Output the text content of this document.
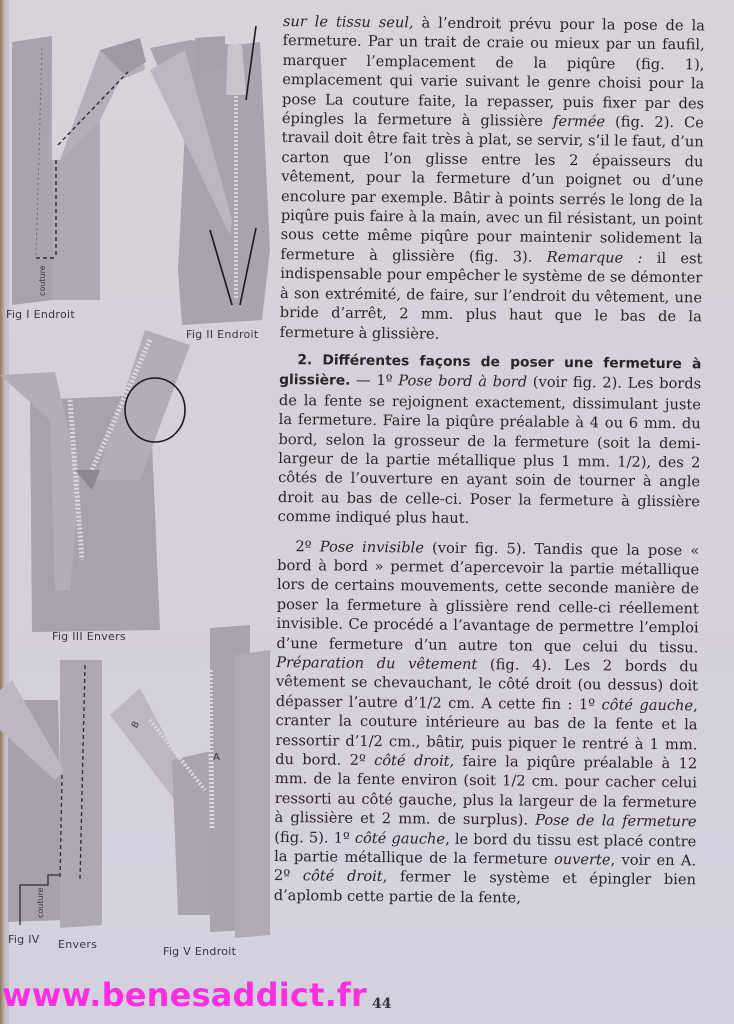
Fig I Endroit
couture
Fig II Endroit
Fig III Envers
Fig IV Envers
couture
Fig V Endroit
A
B

sur le tissu seul, à l’endroit prévu pour la pose de la fermeture. Par un trait de craie ou mieux par un faufil, marquer l’emplacement de la piqûre (fig. 1), emplacement qui varie suivant le genre choisi pour la pose La couture faite, la repasser, puis fixer par des épingles la fermeture à glissière fermée (fig. 2). Ce travail doit être fait très à plat, se servir, s’il le faut, d’un carton que l’on glisse entre les 2 épaisseurs du vêtement, pour la fermeture d’un poignet ou d’une encolure par exemple. Bâtir à points serrés le long de la piqûre puis faire à la main, avec un fil résistant, un point sous cette même piqûre pour maintenir solidement la fermeture à glissière (fig. 3). Remarque : il est indispensable pour empêcher le système de se démonter à son extrémité, de faire, sur l’endroit du vêtement, une bride d’arrêt, 2 mm. plus haut que le bas de la fermeture à glissière.

2. Différentes façons de poser une fermeture à glissière. — 1º Pose bord à bord (voir fig. 2). Les bords de la fente se rejoignent exactement, dissimulant juste la fermeture. Faire la piqûre préalable à 4 ou 6 mm. du bord, selon la grosseur de la fermeture (soit la demi-largeur de la partie métallique plus 1 mm. 1/2), des 2 côtés de l’ouverture en ayant soin de tourner à angle droit au bas de celle-ci. Poser la fermeture à glissière comme indiqué plus haut.

2º Pose invisible (voir fig. 5). Tandis que la pose « bord à bord » permet d’apercevoir la partie métallique lors de certains mouvements, cette seconde manière de poser la fermeture à glissière rend celle-ci réellement invisible. Ce procédé a l’avantage de permettre l’emploi d’une fermeture d’un autre ton que celui du tissu. Préparation du vêtement (fig. 4). Les 2 bords du vêtement se chevauchant, le côté droit (ou dessus) doit dépasser l’autre d’1/2 cm. A cette fin : 1º côté gauche, cranter la couture intérieure au bas de la fente et la ressortir d’1/2 cm., bâtir, puis piquer le rentré à 1 mm. du bord. 2º côté droit, faire la piqûre préalable à 12 mm. de la fente environ (soit 1/2 cm. pour cacher celui ressorti au côté gauche, plus la largeur de la fermeture à glissière et 2 mm. de surplus). Pose de la fermeture (fig. 5). 1º côté gauche, le bord du tissu est placé contre la partie métallique de la fermeture ouverte, voir en A. 2º côté droit, fermer le système et épingler bien d’aplomb cette partie de la fente,

www.benesaddict.fr 44
